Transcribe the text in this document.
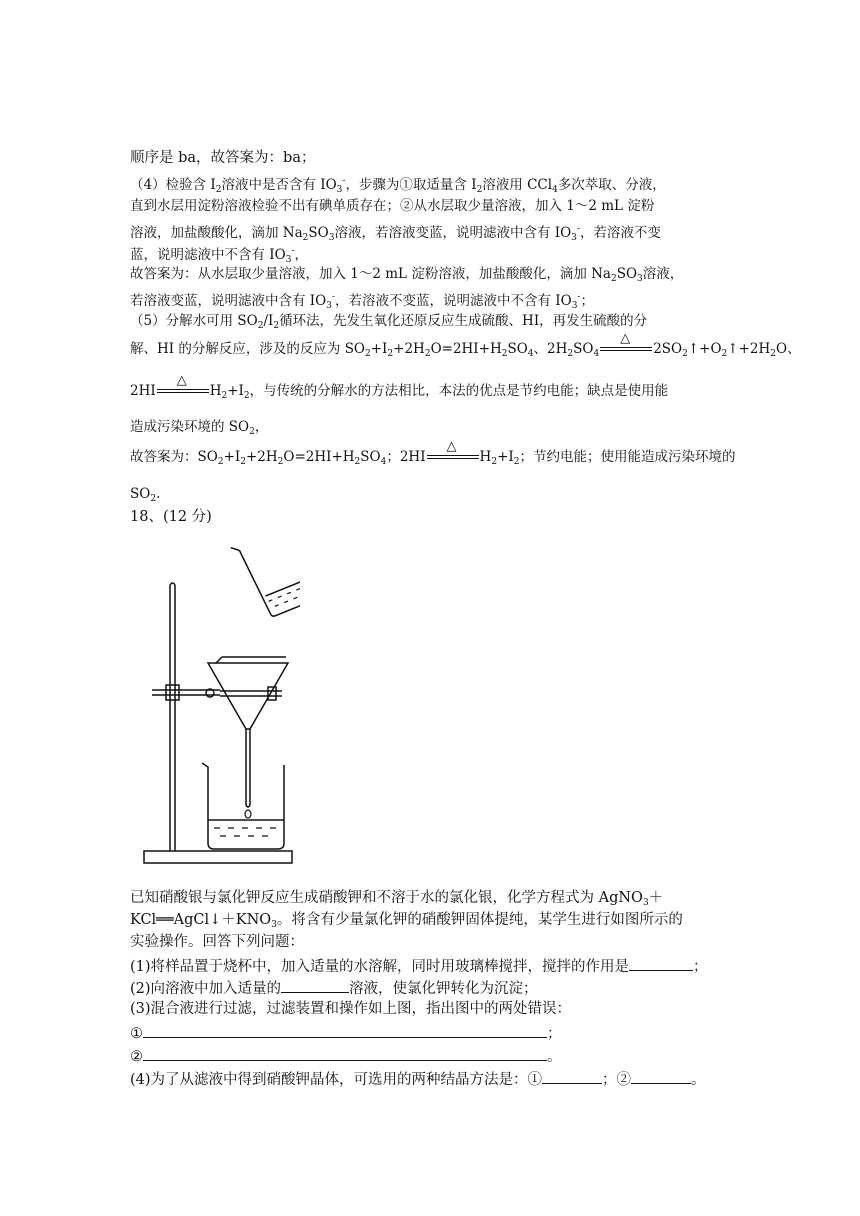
顺序是 ba，故答案为：ba；
（4）检验含 $I_2$溶液中是否含有 $IO_3^-$，步骤为①取适量含 $I_2$溶液用 CCl$_4$多次萃取、分液，
直到水层用淀粉溶液检验不出有碘单质存在；②从水层取少量溶液，加入 1～2 mL 淀粉
溶液，加盐酸酸化，滴加 $Na_2SO_3$溶液，若溶液变蓝，说明滤液中含有 $IO_3^-$，若溶液不变
蓝，说明滤液中不含有 $IO_3^-$，
故答案为：从水层取少量溶液，加入 1～2 mL 淀粉溶液，加盐酸酸化，滴加 $Na_2SO_3$溶液，
若溶液变蓝，说明滤液中含有 $IO_3^-$，若溶液不变蓝，说明滤液中不含有 $IO_3^-$；
（5）分解水可用 $SO_2/I_2$循环法，先发生氧化还原反应生成硫酸、HI，再发生硫酸的分
解、HI 的分解反应，涉及的反应为 $SO_2+I_2+2H_2O=2HI+H_2SO_4$、$2H_2SO_4$
△
$2SO_2↑+O_2↑+2H_2O$、
2HI
△
$H_2+I_2$，与传统的分解水的方法相比，本法的优点是节约电能；缺点是使用能
造成污染环境的 $SO_2$，
故答案为：$SO_2+I_2+2H_2O=2HI+H_2SO_4$；2HI
△
$H_2+I_2$；节约电能；使用能造成污染环境的
$SO_2$.
18、(12 分)
已知硝酸银与氯化钾反应生成硝酸钾和不溶于水的氯化银，化学方程式为 AgNO$_3$＋
$KCl══AgCl↓+KNO_3$。将含有少量氯化钾的硝酸钾固体提纯，某学生进行如图所示的
实验操作。回答下列问题：
(1)将样品置于烧杯中，加入适量的水溶解，同时用玻璃棒搅拌，搅拌的作用是	；
(2)向溶液中加入适量的	溶液，使氯化钾转化为沉淀；
(3)混合液进行过滤，过滤装置和操作如上图，指出图中的两处错误：
①	；
②	。
(4)为了从滤液中得到硝酸钾晶体，可选用的两种结晶方法是：①	；②	。
